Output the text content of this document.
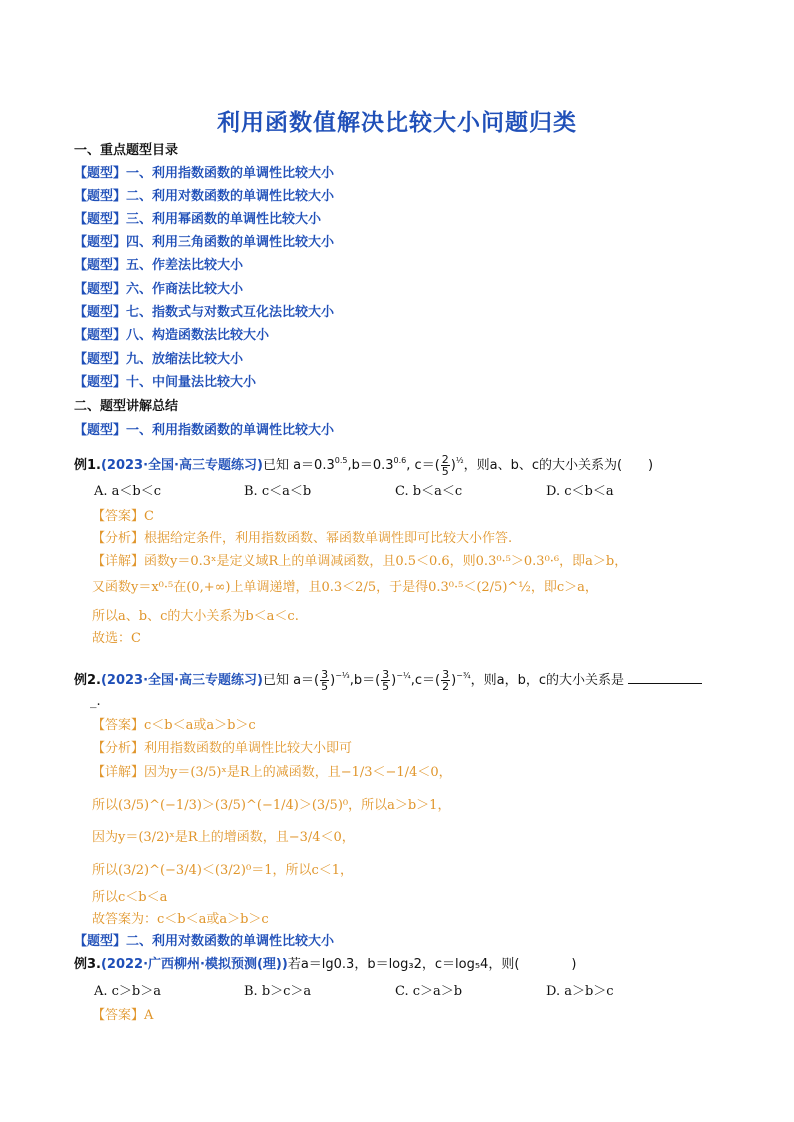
利用函数值解决比较大小问题归类
一、重点题型目录
【题型】一、利用指数函数的单调性比较大小
【题型】二、利用对数函数的单调性比较大小
【题型】三、利用幂函数的单调性比较大小
【题型】四、利用三角函数的单调性比较大小
【题型】五、作差法比较大小
【题型】六、作商法比较大小
【题型】七、指数式与对数式互化法比较大小
【题型】八、构造函数法比较大小
【题型】九、放缩法比较大小
【题型】十、中间量法比较大小
二、题型讲解总结
【题型】一、利用指数函数的单调性比较大小
例1.(2023·全国·高三专题练习)已知 $a=0.3^{0.5},b=0.3^{0.6}$, $c=( \frac{2}{5} )^{\frac{1}{2}}$，则a、b、c的大小关系为(　　)
A. a＜b＜c	B. c＜a＜b	C. b＜a＜c	D. c＜b＜a
【答案】C
【分析】根据给定条件，利用指数函数、幂函数单调性即可比较大小作答.
【详解】函数y＝0.3ˣ是定义域R上的单调减函数，且0.5＜0.6，则0.3⁰·⁵＞0.3⁰·⁶，即a＞b，
又函数y＝x⁰·⁵在(0,+∞)上单调递增，且0.3＜2/5，于是得0.3⁰·⁵＜(2/5)^½，即c＞a，
所以a、b、c的大小关系为b＜a＜c.
故选：C
例2.(2023·全国·高三专题练习)已知 $a=( \frac{3}{5} )^{-\frac{1}{3}},b=( \frac{3}{5} )^{-\frac{1}{4}},c=( \frac{3}{2} )^{-\frac{3}{4}}$，则a，b，c的大小关系是
_.
【答案】c＜b＜a或a＞b＞c
【分析】利用指数函数的单调性比较大小即可
【详解】因为y＝(3/5)ˣ是R上的减函数，且−1/3＜−1/4＜0，
所以(3/5)^(−1/3)＞(3/5)^(−1/4)＞(3/5)⁰，所以a＞b＞1，
因为y＝(3/2)ˣ是R上的增函数，且−3/4＜0，
所以(3/2)^(−3/4)＜(3/2)⁰＝1，所以c＜1，
所以c＜b＜a
故答案为：c＜b＜a或a＞b＞c
【题型】二、利用对数函数的单调性比较大小
例3.(2022·广西柳州·模拟预测(理))若a＝lg0.3，b＝log₃2，c＝log₅4，则(　　　　)
A. c＞b＞a	B. b＞c＞a	C. c＞a＞b	D. a＞b＞c
【答案】A
